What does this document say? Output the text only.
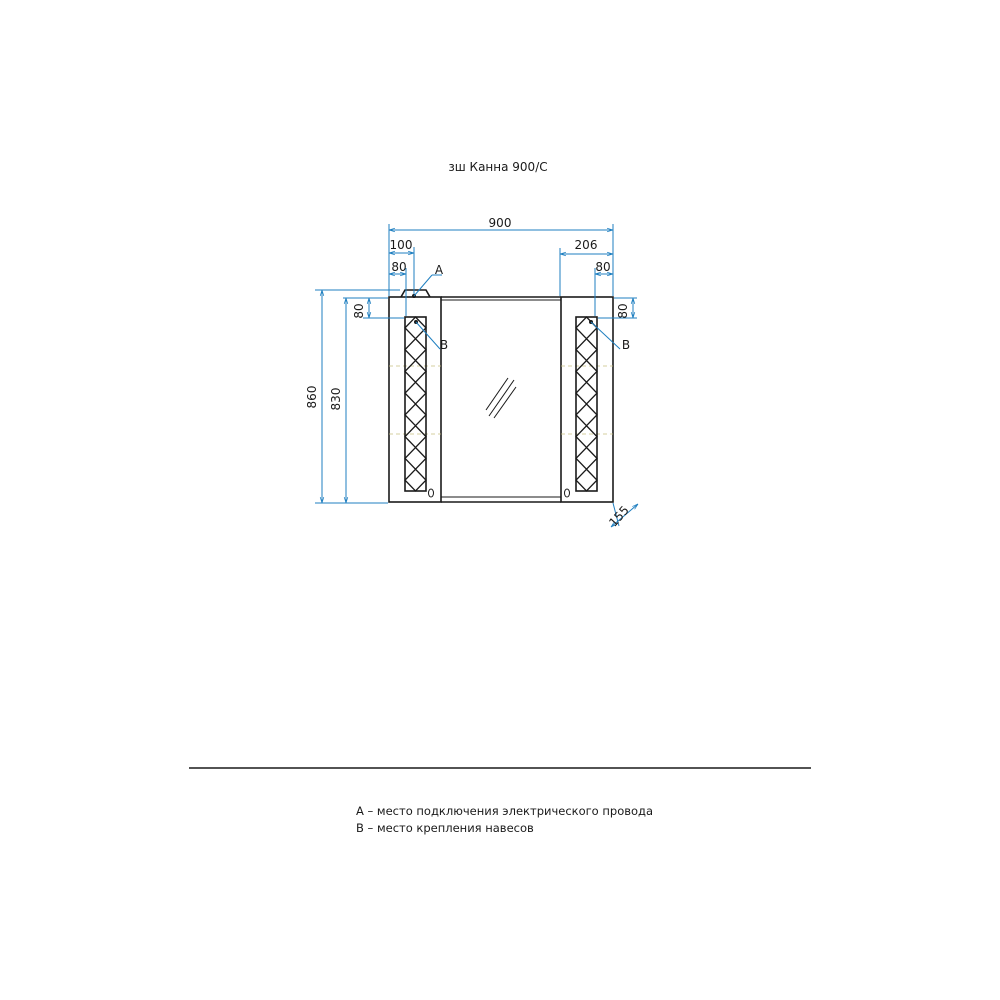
зш Канна 900/С
900
100
80
206
80
80	80
860 830
155
A
B	B
А – место подключения электрического провода
В – место крепления навесов
